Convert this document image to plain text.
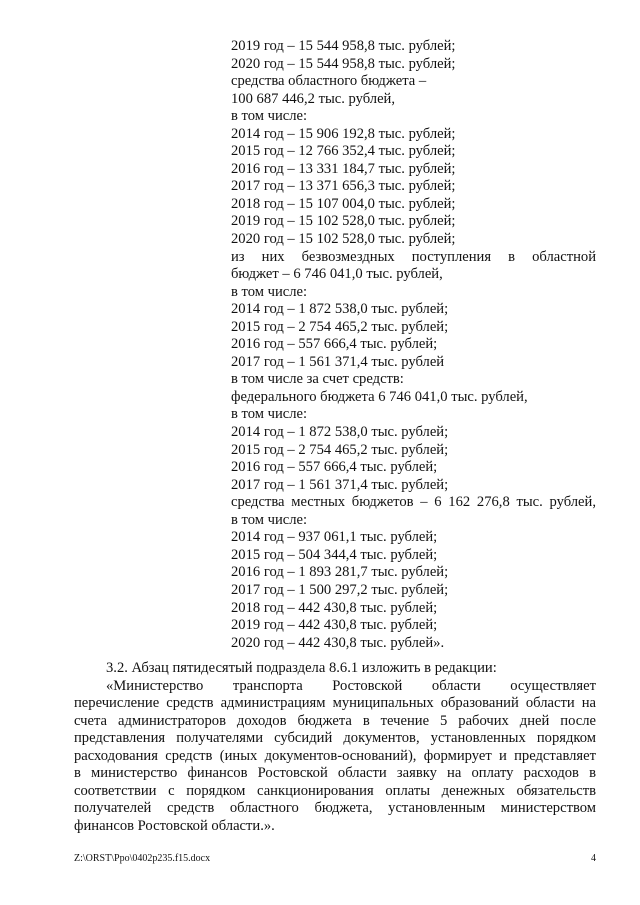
2019 год – 15 544 958,8 тыс. рублей;
2020 год – 15 544 958,8 тыс. рублей;
средства областного бюджета –
100 687 446,2 тыс. рублей,
в том числе:
2014 год – 15 906 192,8 тыс. рублей;
2015 год – 12 766 352,4 тыс. рублей;
2016 год – 13 331 184,7 тыс. рублей;
2017 год – 13 371 656,3 тыс. рублей;
2018 год – 15 107 004,0 тыс. рублей;
2019 год – 15 102 528,0 тыс. рублей;
2020 год – 15 102 528,0 тыс. рублей;
из них безвозмездных поступления в областной
бюджет – 6 746 041,0 тыс. рублей,
в том числе:
2014 год – 1 872 538,0 тыс. рублей;
2015 год – 2 754 465,2 тыс. рублей;
2016 год – 557 666,4 тыс. рублей;
2017 год – 1 561 371,4 тыс. рублей
в том числе за счет средств:
федерального бюджета 6 746 041,0 тыс. рублей,
в том числе:
2014 год – 1 872 538,0 тыс. рублей;
2015 год – 2 754 465,2 тыс. рублей;
2016 год – 557 666,4 тыс. рублей;
2017 год – 1 561 371,4 тыс. рублей;
средства местных бюджетов – 6 162 276,8 тыс. рублей,
в том числе:
2014 год – 937 061,1 тыс. рублей;
2015 год – 504 344,4 тыс. рублей;
2016 год – 1 893 281,7 тыс. рублей;
2017 год – 1 500 297,2 тыс. рублей;
2018 год – 442 430,8 тыс. рублей;
2019 год – 442 430,8 тыс. рублей;
2020 год – 442 430,8 тыс. рублей».
3.2. Абзац пятидесятый подраздела 8.6.1 изложить в редакции:
«Министерство транспорта Ростовской области осуществляет
перечисление средств администрациям муниципальных образований области на
счета администраторов доходов бюджета в течение 5 рабочих дней после
представления получателями субсидий документов, установленных порядком
расходования средств (иных документов-оснований), формирует и представляет
в министерство финансов Ростовской области заявку на оплату расходов в
соответствии с порядком санкционирования оплаты денежных обязательств
получателей средств областного бюджета, установленным министерством
финансов Ростовской области.».
Z:\ORST\Ppo\0402p235.f15.docx	4
